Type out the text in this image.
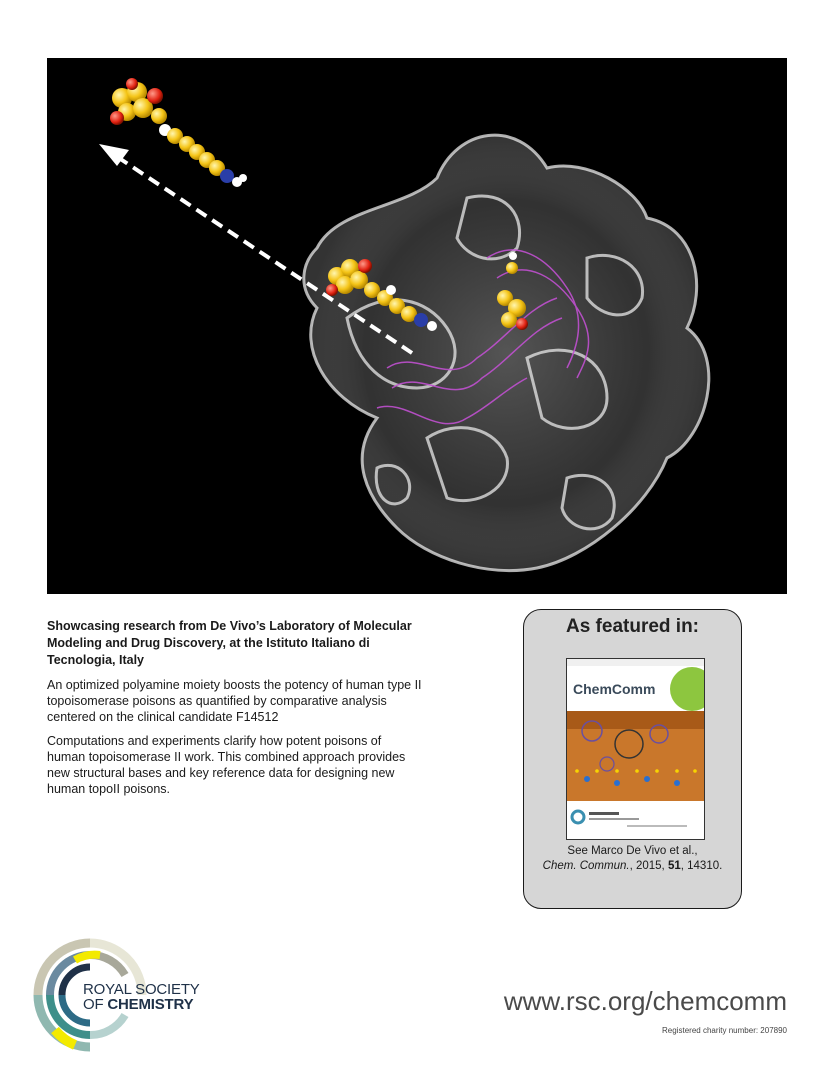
Showcasing research from De Vivo’s Laboratory of Molecular Modeling and Drug Discovery, at the Istituto Italiano di Tecnologia, Italy

An optimized polyamine moiety boosts the potency of human type II topoisomerase poisons as quantified by comparative analysis centered on the clinical candidate F14512

Computations and experiments clarify how potent poisons of human topoisomerase II work. This combined approach provides new structural bases and key reference data for designing new human topoII poisons.

As featured in:
ChemComm
See Marco De Vivo et al.,
Chem. Commun., 2015, 51, 14310.
ROYAL SOCIETY
OF CHEMISTRY	www.rsc.org/chemcomm
Registered charity number: 207890
